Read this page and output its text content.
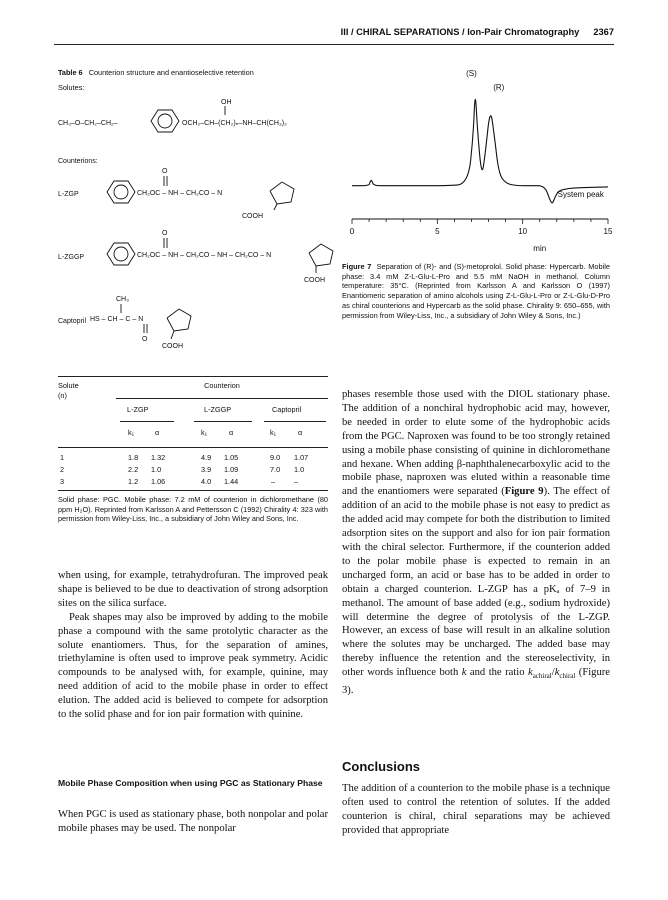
III / CHIRAL SEPARATIONS / Ion-Pair Chromatography 2367
Table 6 Counterion structure and enantioselective retention
Solutes:
CH₃–O–CH₂–CH₂–	OCH₂–CH–(CH₂)ₙ–NH–CH(CH₃)₂
OH
Counterions:
L-ZGP	CH₂OC – NH – CH₂CO – N
O
COOH
L-ZGGP	CH₂OC – NH – CH₂CO – NH – CH₂CO – N
O
COOH
Captopril HS – CH – C – N
CH₃
O
COOH
Solute	Counterion
(n)	
L-ZGP	L-ZGGP	Captopril
k₁	α	k₁	α	k₁	α
1	1.8 1.32	4.9 1.05	9.0 1.07
2	2.2 1.0	3.9 1.09	7.0 1.0
3	1.2 1.06	4.0 1.44	–	–
Solid phase: PGC. Mobile phase: 7.2 mM of counterion in dichloromethane (80 ppm H₂O). Reprinted from Karlsson A and Pettersson C (1992) Chirality 4: 323 with permission from Wiley-Liss, Inc., a subsidiary of John Wiley and Sons, Inc.
0	5	10	15
min
(S)
(R)
System peak
Figure 7 Separation of (R)- and (S)-metoprolol. Solid phase: Hypercarb. Mobile phase: 3.4 mM Z-L-Glu-L-Pro and 5.5 mM NaOH in methanol. Column temperature: 35°C. (Reprinted from Karlsson A and Karlsson O (1997) Enantiomeric separation of amino alcohols using Z-L-Glu-L-Pro or Z-L-Glu-D-Pro as chiral counterions and Hypercarb as the solid phase. Chirality 9: 650–655, with permission from Wiley-Liss, Inc., a subsidiary of John Wiley & Sons, Inc.)

when using, for example, tetrahydrofuran. The improved peak shape is believed to be due to deactivation of strong adsorption sites on the silica surface.

Peak shapes may also be improved by adding to the mobile phase a compound with the same protolytic character as the solute enantiomers. Thus, for the separation of amines, triethylamine is often used to improve peak symmetry. Acidic compounds to be analysed with, for example, quinine, may need addition of acid to the mobile phase in order to effect elution. The added acid is believed to compete for adsorption to the solid phase and for ion pair formation with quinine.

Mobile Phase Composition when using PGC as Stationary Phase

When PGC is used as stationary phase, both nonpolar and polar mobile phases may be used. The nonpolar

phases resemble those used with the DIOL stationary phase. The addition of a nonchiral hydrophobic acid may, however, be needed in order to elute some of the hydrophobic acids from the PGC. Naproxen was found to be too strongly retained using a mobile phase consisting of quinine in dichloromethane and hexane. When adding β-naphthalenecarboxylic acid to the mobile phase, naproxen was eluted within a reasonable time and the enantiomers were separated (Figure 9). The effect of addition of an acid to the mobile phase is not easy to predict as the added acid may compete for both the distribution to limited adsorption sites on the support and also for ion pair formation with the chiral selector. Furthermore, if the counterion added to the polar mobile phase is expected to remain in an uncharged form, an acid or base has to be added in order to obtain a charged counterion. L-ZGP has a pKₐ of 7–9 in methanol. The amount of base added (e.g., sodium hydroxide) will determine the degree of protolysis of the L-ZGP. However, an excess of base will result in an alkaline solution where the solutes may be uncharged. The added base may thereby influence the retention and the stereoselectivity, in other words influence both k and the ratio $k_{achiral}/k_{chiral}$ (Figure 3).

Conclusions

The addition of a counterion to the mobile phase is a technique often used to control the retention of solutes. If the added counterion is chiral, chiral separations may be achieved provided that appropriate
